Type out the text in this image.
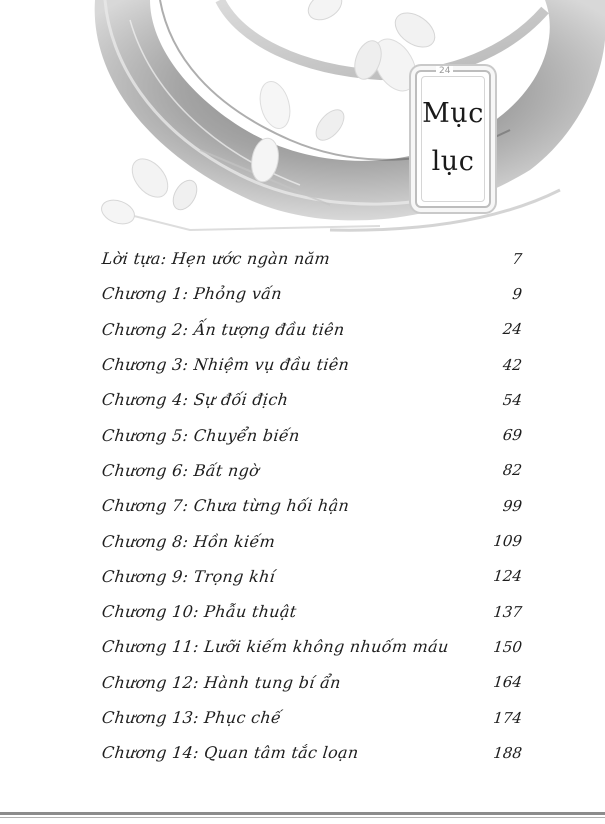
24
Mục
lục
Lời tựa: Hẹn ước ngàn năm	7
Chương 1: Phỏng vấn	9
Chương 2: Ấn tượng đầu tiên	24
Chương 3: Nhiệm vụ đầu tiên	42
Chương 4: Sự đối địch	54
Chương 5: Chuyển biến	69
Chương 6: Bất ngờ	82
Chương 7: Chưa từng hối hận	99
Chương 8: Hồn kiếm	109
Chương 9: Trọng khí	124
Chương 10: Phẫu thuật	137
Chương 11: Lưỡi kiếm không nhuốm máu	150
Chương 12: Hành tung bí ẩn	164
Chương 13: Phục chế	174
Chương 14: Quan tâm tắc loạn	188
